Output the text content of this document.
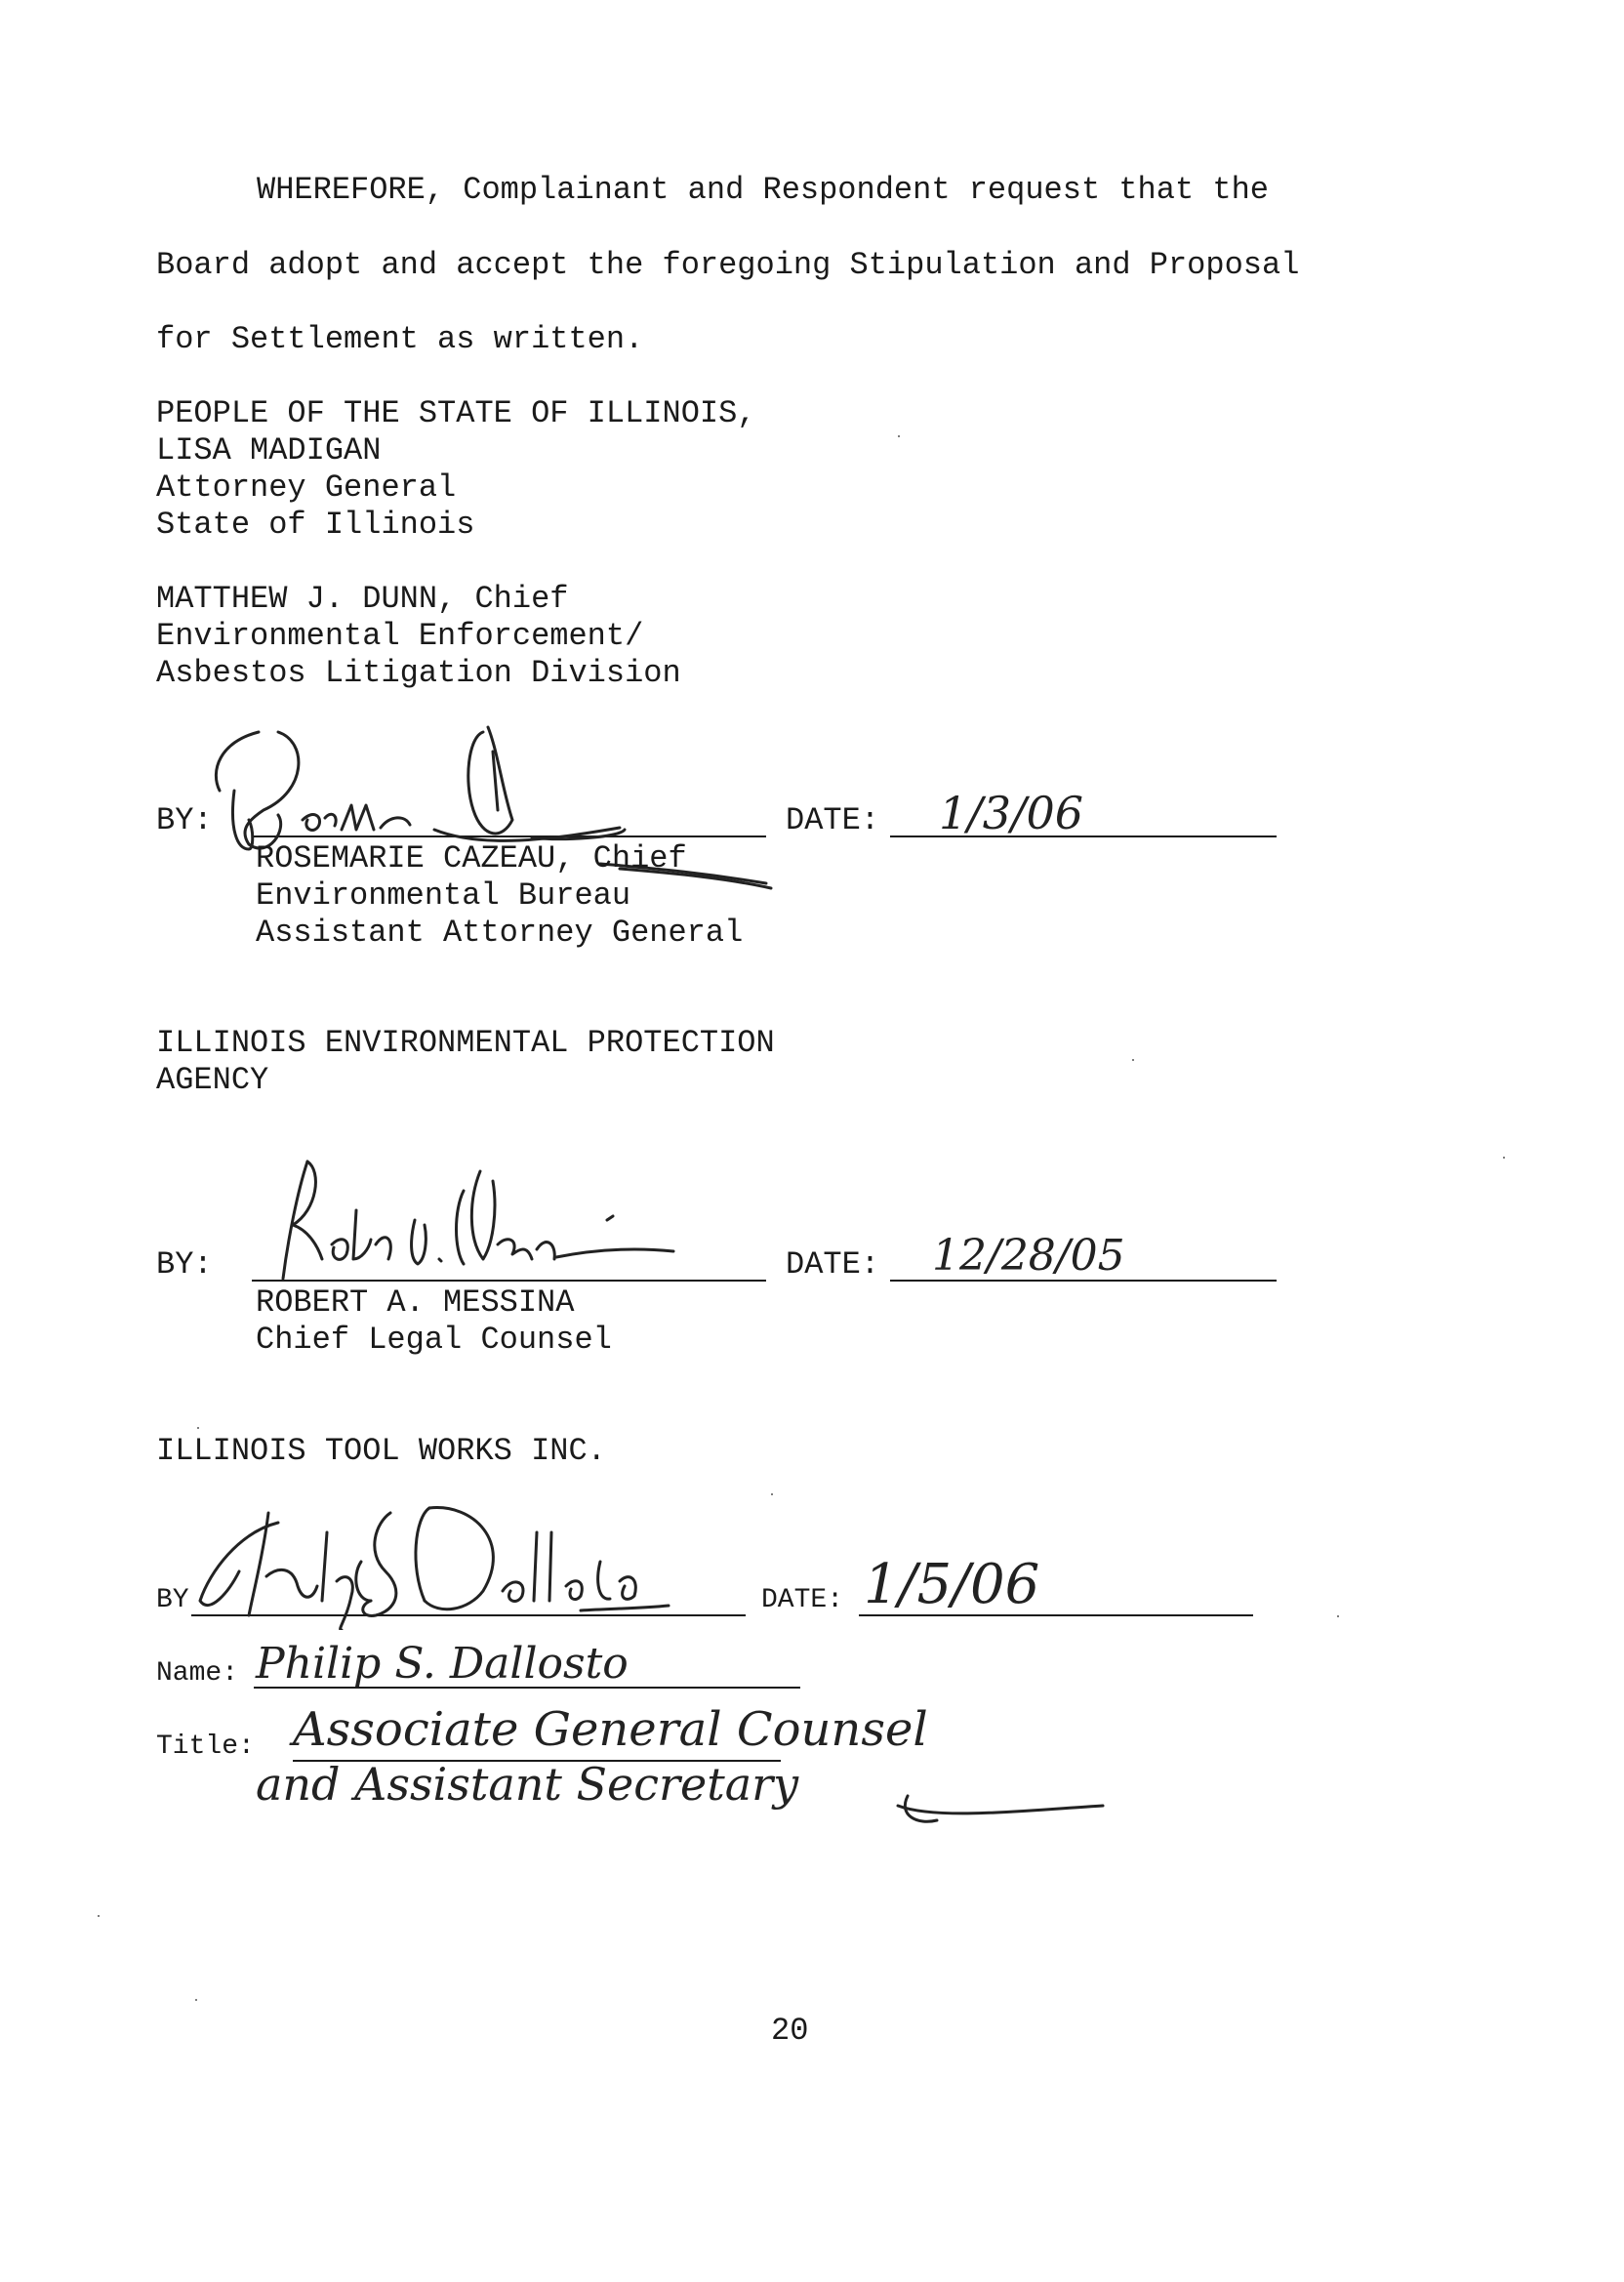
WHEREFORE, Complainant and Respondent request that the
Board adopt and accept the foregoing Stipulation and Proposal
for Settlement as written.
PEOPLE OF THE STATE OF ILLINOIS,
LISA MADIGAN
Attorney General
State of Illinois
MATTHEW J. DUNN, Chief
Environmental Enforcement/
Asbestos Litigation Division
BY:	DATE: 1/3/06
ROSEMARIE CAZEAU, Chief
Environmental Bureau
Assistant Attorney General
ILLINOIS ENVIRONMENTAL PROTECTION
AGENCY
BY:	DATE: 12/28/05
ROBERT A. MESSINA
Chief Legal Counsel
ILLINOIS TOOL WORKS INC.
BY	DATE: 1/5/06
Name: Philip S. Dallosto
Title: Associate General Counsel
and Assistant Secretary
20
